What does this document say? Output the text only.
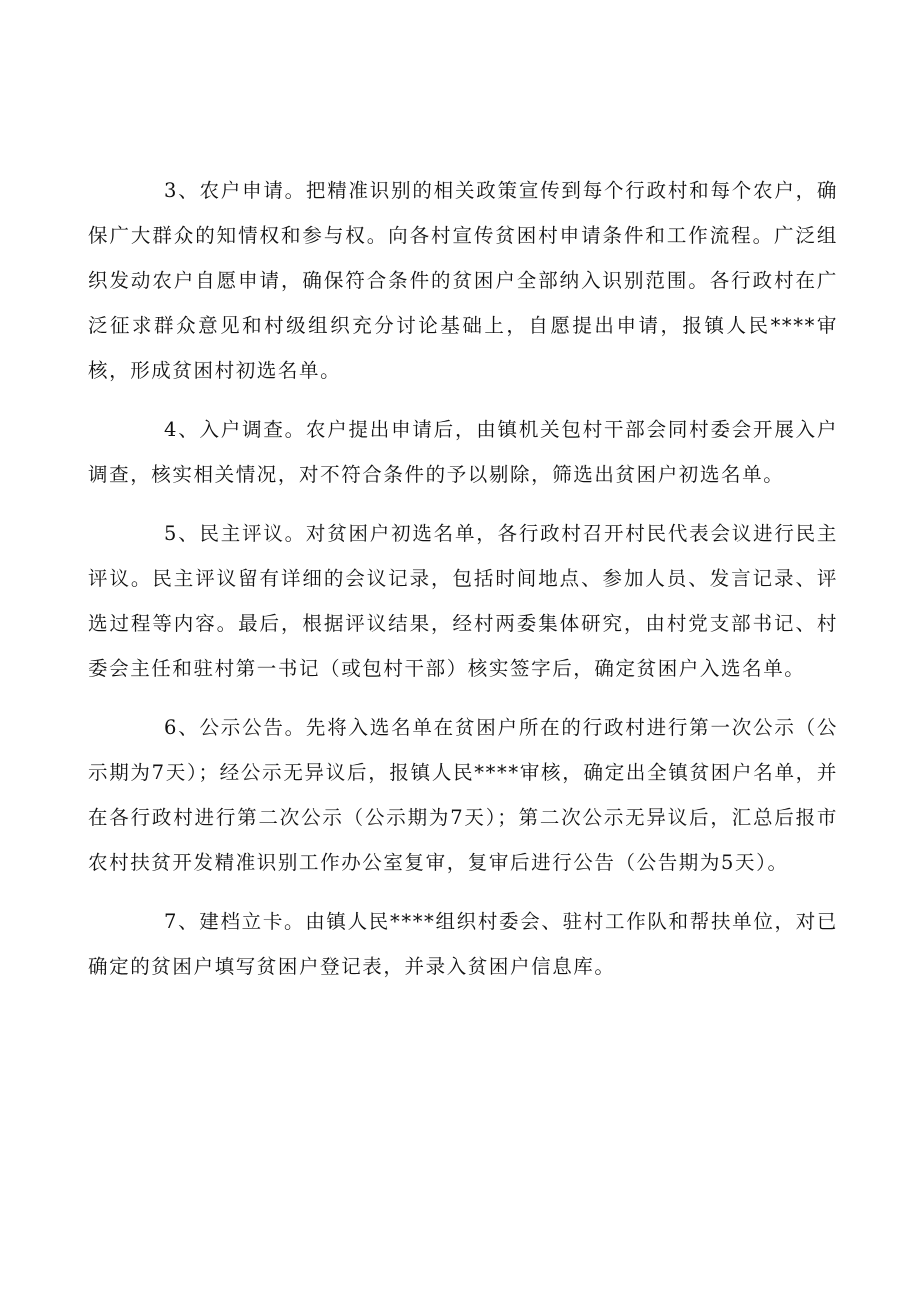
3、农户申请。把精准识别的相关政策宣传到每个行政村和每个农户，确保广大群众的知情权和参与权。向各村宣传贫困村申请条件和工作流程。广泛组织发动农户自愿申请，确保符合条件的贫困户全部纳入识别范围。各行政村在广泛征求群众意见和村级组织充分讨论基础上，自愿提出申请，报镇人民****审核，形成贫困村初选名单。

4、入户调查。农户提出申请后，由镇机关包村干部会同村委会开展入户调查，核实相关情况，对不符合条件的予以剔除，筛选出贫困户初选名单。

5、民主评议。对贫困户初选名单，各行政村召开村民代表会议进行民主评议。民主评议留有详细的会议记录，包括时间地点、参加人员、发言记录、评选过程等内容。最后，根据评议结果，经村两委集体研究，由村党支部书记、村委会主任和驻村第一书记（或包村干部）核实签字后，确定贫困户入选名单。

6、公示公告。先将入选名单在贫困户所在的行政村进行第一次公示（公示期为7天）；经公示无异议后，报镇人民****审核，确定出全镇贫困户名单，并在各行政村进行第二次公示（公示期为7天）；第二次公示无异议后，汇总后报市农村扶贫开发精准识别工作办公室复审，复审后进行公告（公告期为5天）。

7、建档立卡。由镇人民****组织村委会、驻村工作队和帮扶单位，对已确定的贫困户填写贫困户登记表，并录入贫困户信息库。
